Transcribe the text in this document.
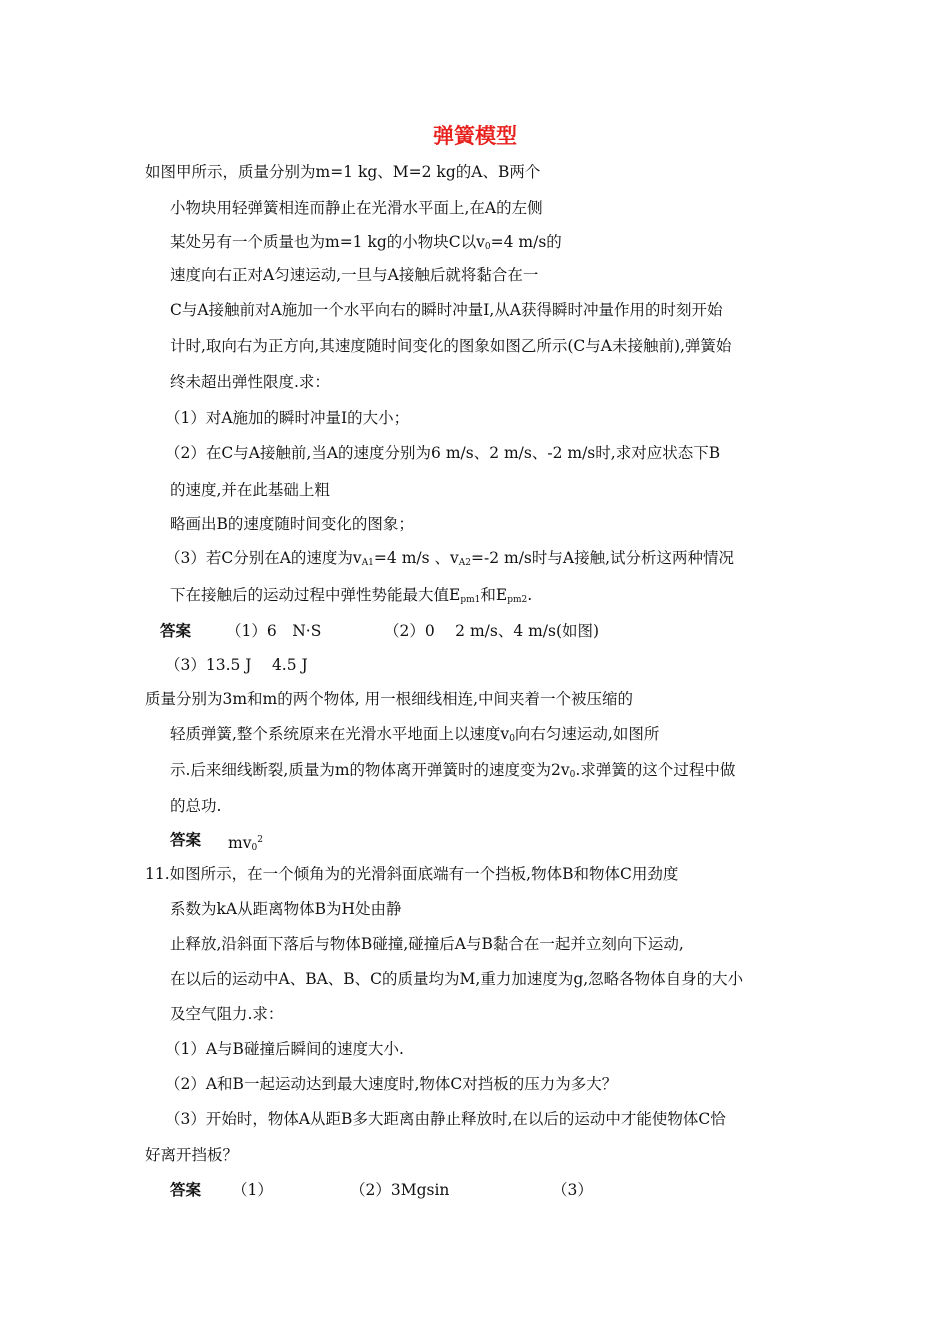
弹簧模型
如图甲所示，质量分别为m=1 kg、M=2 kg的A、B两个
小物块用轻弹簧相连而静止在光滑水平面上,在A的左侧
某处另有一个质量也为m=1 kg的小物块C以$v_0=4$ m/s的
速度向右正对A匀速运动,一旦与A接触后就将黏合在一
C与A接触前对A施加一个水平向右的瞬时冲量I,从A获得瞬时冲量作用的时刻开始
计时,取向右为正方向,其速度随时间变化的图象如图乙所示(C与A未接触前),弹簧始
终未超出弹性限度.求：
（1）对A施加的瞬时冲量I的大小；
（2）在C与A接触前,当A的速度分别为6 m/s、2 m/s、-2 m/s时,求对应状态下B
的速度,并在此基础上粗
略画出B的速度随时间变化的图象；
（3）若C分别在A的速度为$v_{A1}=4$ m/s 、$v_{A2}=-2$ m/s时与A接触,试分析这两种情况
下在接触后的运动过程中弹性势能最大值$E_{pm1}$和$E_{pm2}$.
答案 （1）6　N·S	（2）0　 2 m/s、4 m/s(如图)
（3）13.5 J　 4.5 J
质量分别为3m和m的两个物体, 用一根细线相连,中间夹着一个被压缩的
轻质弹簧,整个系统原来在光滑水平地面上以速度$v_0$向右匀速运动,如图所
示.后来细线断裂,质量为m的物体离开弹簧时的速度变为$2v_0$.求弹簧的这个过程中做
的总功.
答案 $mv_0^2$
11.如图所示，在一个倾角为的光滑斜面底端有一个挡板,物体B和物体C用劲度
系数为kA从距离物体B为H处由静
止释放,沿斜面下落后与物体B碰撞,碰撞后A与B黏合在一起并立刻向下运动,
在以后的运动中A、BA、B、C的质量均为M,重力加速度为g,忽略各物体自身的大小
及空气阻力.求：
（1）A与B碰撞后瞬间的速度大小.
（2）A和B一起运动达到最大速度时,物体C对挡板的压力为多大？
（3）开始时，物体A从距B多大距离由静止释放时,在以后的运动中才能使物体C恰
好离开挡板？
答案 （1）	（2）3Mgsin	（3）
